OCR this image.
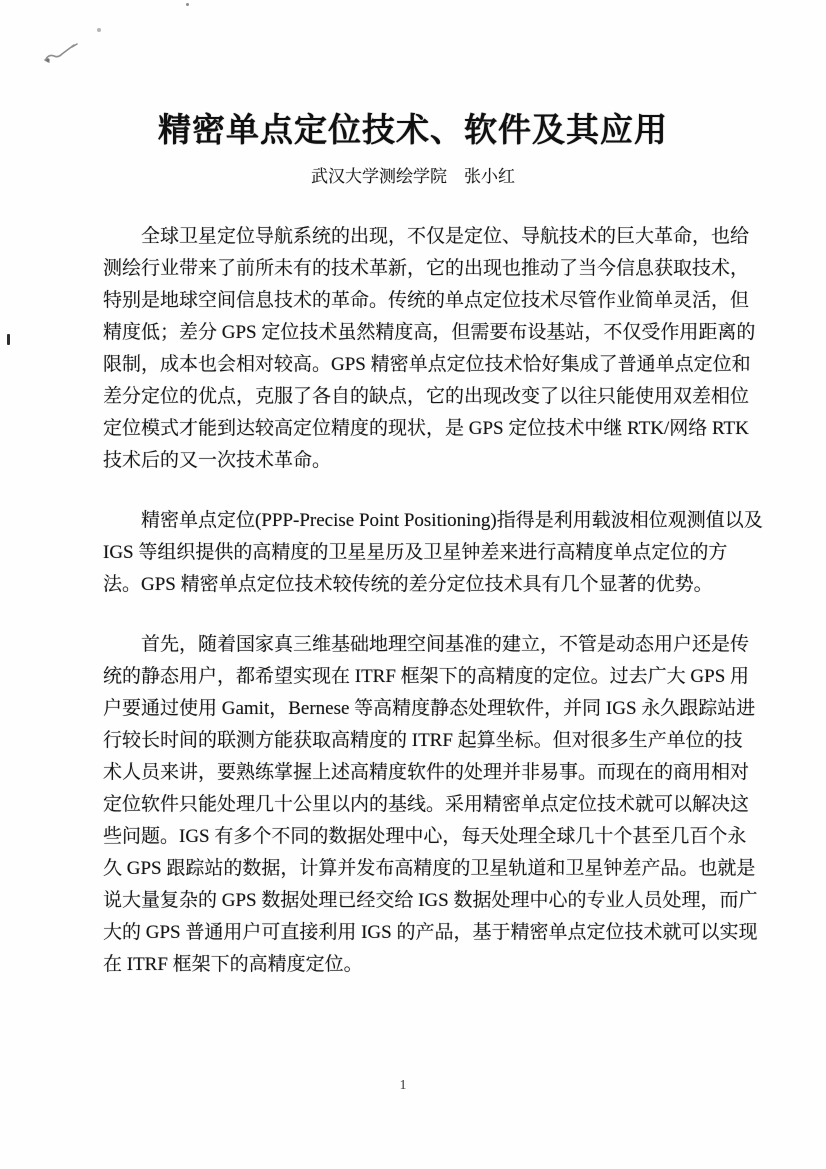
精密单点定位技术、软件及其应用
武汉大学测绘学院　张小红
全球卫星定位导航系统的出现，不仅是定位、导航技术的巨大革命，也给
测绘行业带来了前所未有的技术革新，它的出现也推动了当今信息获取技术，
特别是地球空间信息技术的革命。传统的单点定位技术尽管作业简单灵活，但
精度低；差分 GPS 定位技术虽然精度高，但需要布设基站，不仅受作用距离的
限制，成本也会相对较高。GPS 精密单点定位技术恰好集成了普通单点定位和
差分定位的优点，克服了各自的缺点，它的出现改变了以往只能使用双差相位
定位模式才能到达较高定位精度的现状，是 GPS 定位技术中继 RTK/网络 RTK
技术后的又一次技术革命。
精密单点定位(PPP-Precise Point Positioning)指得是利用载波相位观测值以及
IGS 等组织提供的高精度的卫星星历及卫星钟差来进行高精度单点定位的方
法。GPS 精密单点定位技术较传统的差分定位技术具有几个显著的优势。
首先，随着国家真三维基础地理空间基准的建立，不管是动态用户还是传
统的静态用户，都希望实现在 ITRF 框架下的高精度的定位。过去广大 GPS 用
户要通过使用 Gamit，Bernese 等高精度静态处理软件，并同 IGS 永久跟踪站进
行较长时间的联测方能获取高精度的 ITRF 起算坐标。但对很多生产单位的技
术人员来讲，要熟练掌握上述高精度软件的处理并非易事。而现在的商用相对
定位软件只能处理几十公里以内的基线。采用精密单点定位技术就可以解决这
些问题。IGS 有多个不同的数据处理中心，每天处理全球几十个甚至几百个永
久 GPS 跟踪站的数据，计算并发布高精度的卫星轨道和卫星钟差产品。也就是
说大量复杂的 GPS 数据处理已经交给 IGS 数据处理中心的专业人员处理，而广
大的 GPS 普通用户可直接利用 IGS 的产品，基于精密单点定位技术就可以实现
在 ITRF 框架下的高精度定位。
1
